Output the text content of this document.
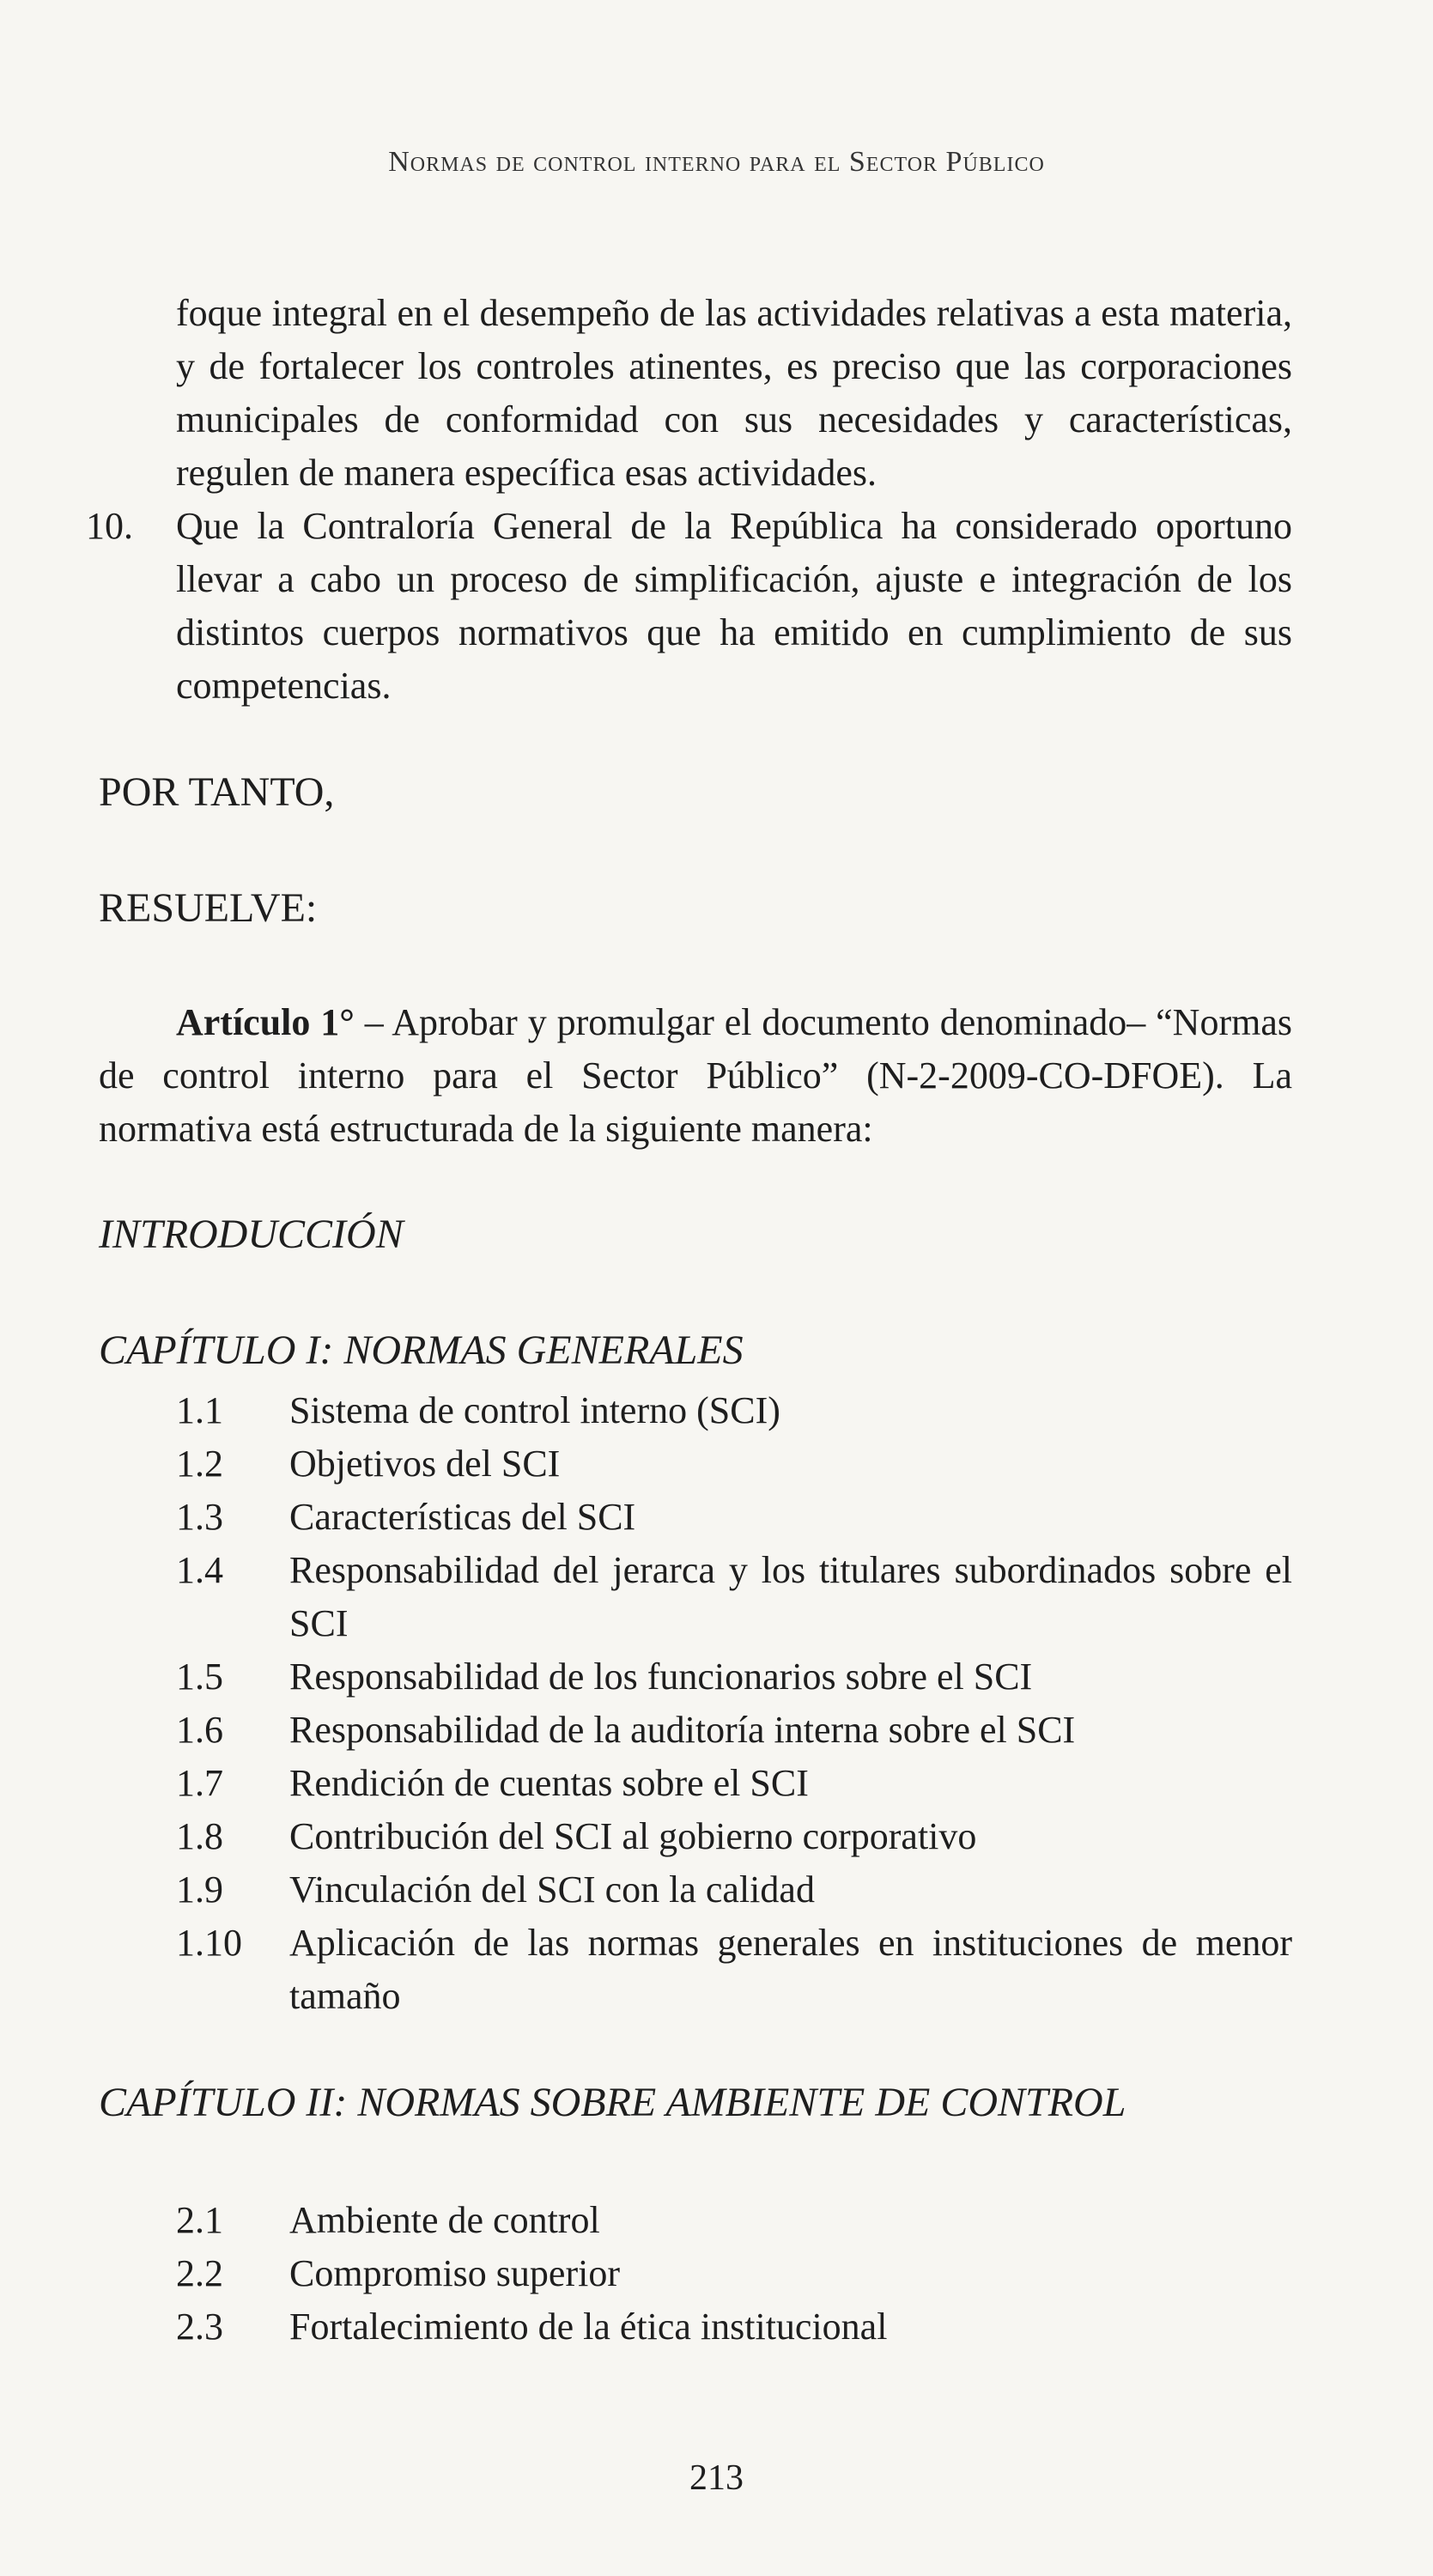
Normas de control interno para el Sector Público

foque integral en el desempeño de las actividades relativas a esta materia, y de fortalecer los controles atinentes, es preciso que las corporaciones municipales de conformidad con sus necesidades y características, regulen de manera específica esas actividades.

10. Que la Contraloría General de la República ha considerado oportuno llevar a cabo un proceso de simplificación, ajuste e integración de los distintos cuerpos normativos que ha emitido en cumplimiento de sus competencias.
POR TANTO,
RESUELVE:

Artículo 1° – Aprobar y promulgar el documento denominado– “Normas de control interno para el Sector Público” (N-2-2009-CO-DFOE). La normativa está estructurada de la siguiente manera:

INTRODUCCIÓN
CAPÍTULO I: NORMAS GENERALES
1.1 Sistema de control interno (SCI)
1.2 Objetivos del SCI
1.3 Características del SCI
1.4 Responsabilidad del jerarca y los titulares subordinados sobre el SCI
1.5 Responsabilidad de los funcionarios sobre el SCI
1.6 Responsabilidad de la auditoría interna sobre el SCI
1.7 Rendición de cuentas sobre el SCI
1.8 Contribución del SCI al gobierno corporativo
1.9 Vinculación del SCI con la calidad
1.10 Aplicación de las normas generales en instituciones de menor tamaño
CAPÍTULO II: NORMAS SOBRE AMBIENTE DE CONTROL
2.1 Ambiente de control
2.2 Compromiso superior
2.3 Fortalecimiento de la ética institucional
213
